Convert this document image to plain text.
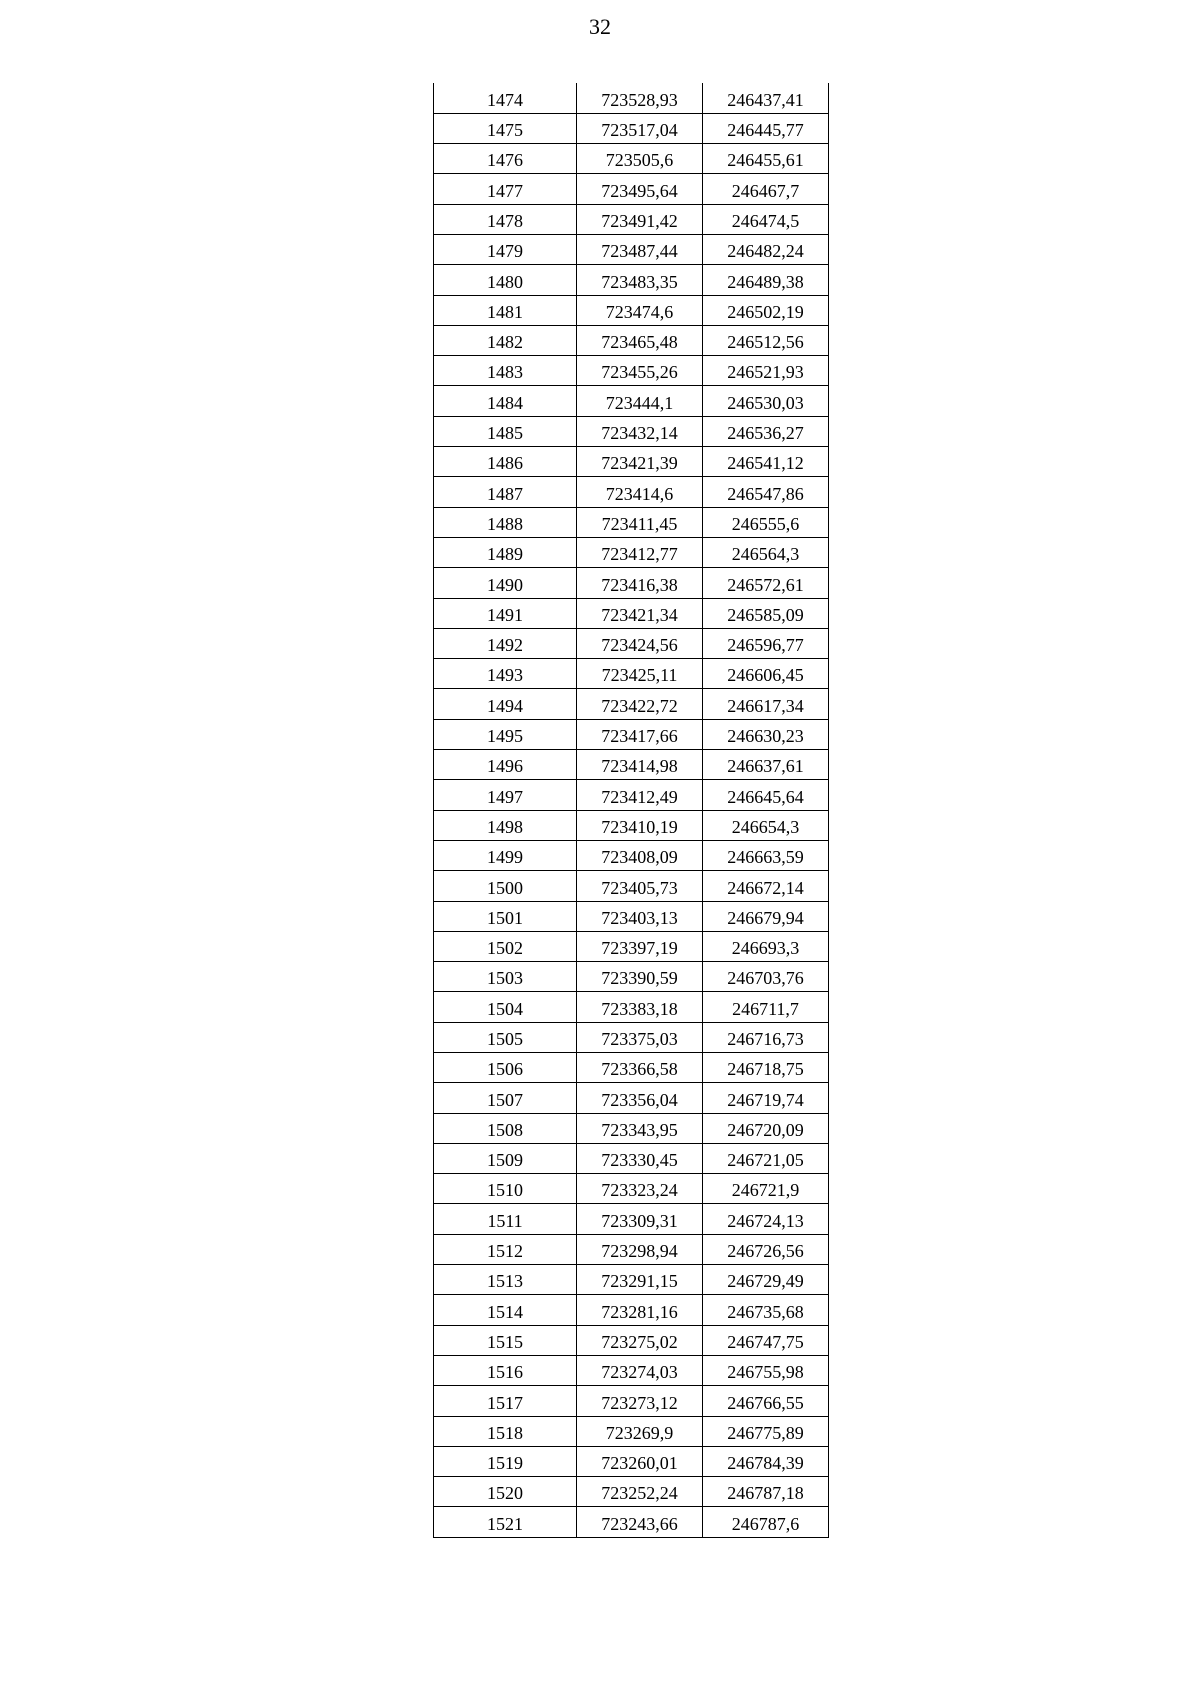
32
1474	723528,93	246437,41
1475	723517,04	246445,77
1476	723505,6	246455,61
1477	723495,64	246467,7
1478	723491,42	246474,5
1479	723487,44	246482,24
1480	723483,35	246489,38
1481	723474,6	246502,19
1482	723465,48	246512,56
1483	723455,26	246521,93
1484	723444,1	246530,03
1485	723432,14	246536,27
1486	723421,39	246541,12
1487	723414,6	246547,86
1488	723411,45	246555,6
1489	723412,77	246564,3
1490	723416,38	246572,61
1491	723421,34	246585,09
1492	723424,56	246596,77
1493	723425,11	246606,45
1494	723422,72	246617,34
1495	723417,66	246630,23
1496	723414,98	246637,61
1497	723412,49	246645,64
1498	723410,19	246654,3
1499	723408,09	246663,59
1500	723405,73	246672,14
1501	723403,13	246679,94
1502	723397,19	246693,3
1503	723390,59	246703,76
1504	723383,18	246711,7
1505	723375,03	246716,73
1506	723366,58	246718,75
1507	723356,04	246719,74
1508	723343,95	246720,09
1509	723330,45	246721,05
1510	723323,24	246721,9
1511	723309,31	246724,13
1512	723298,94	246726,56
1513	723291,15	246729,49
1514	723281,16	246735,68
1515	723275,02	246747,75
1516	723274,03	246755,98
1517	723273,12	246766,55
1518	723269,9	246775,89
1519	723260,01	246784,39
1520	723252,24	246787,18
1521	723243,66	246787,6
